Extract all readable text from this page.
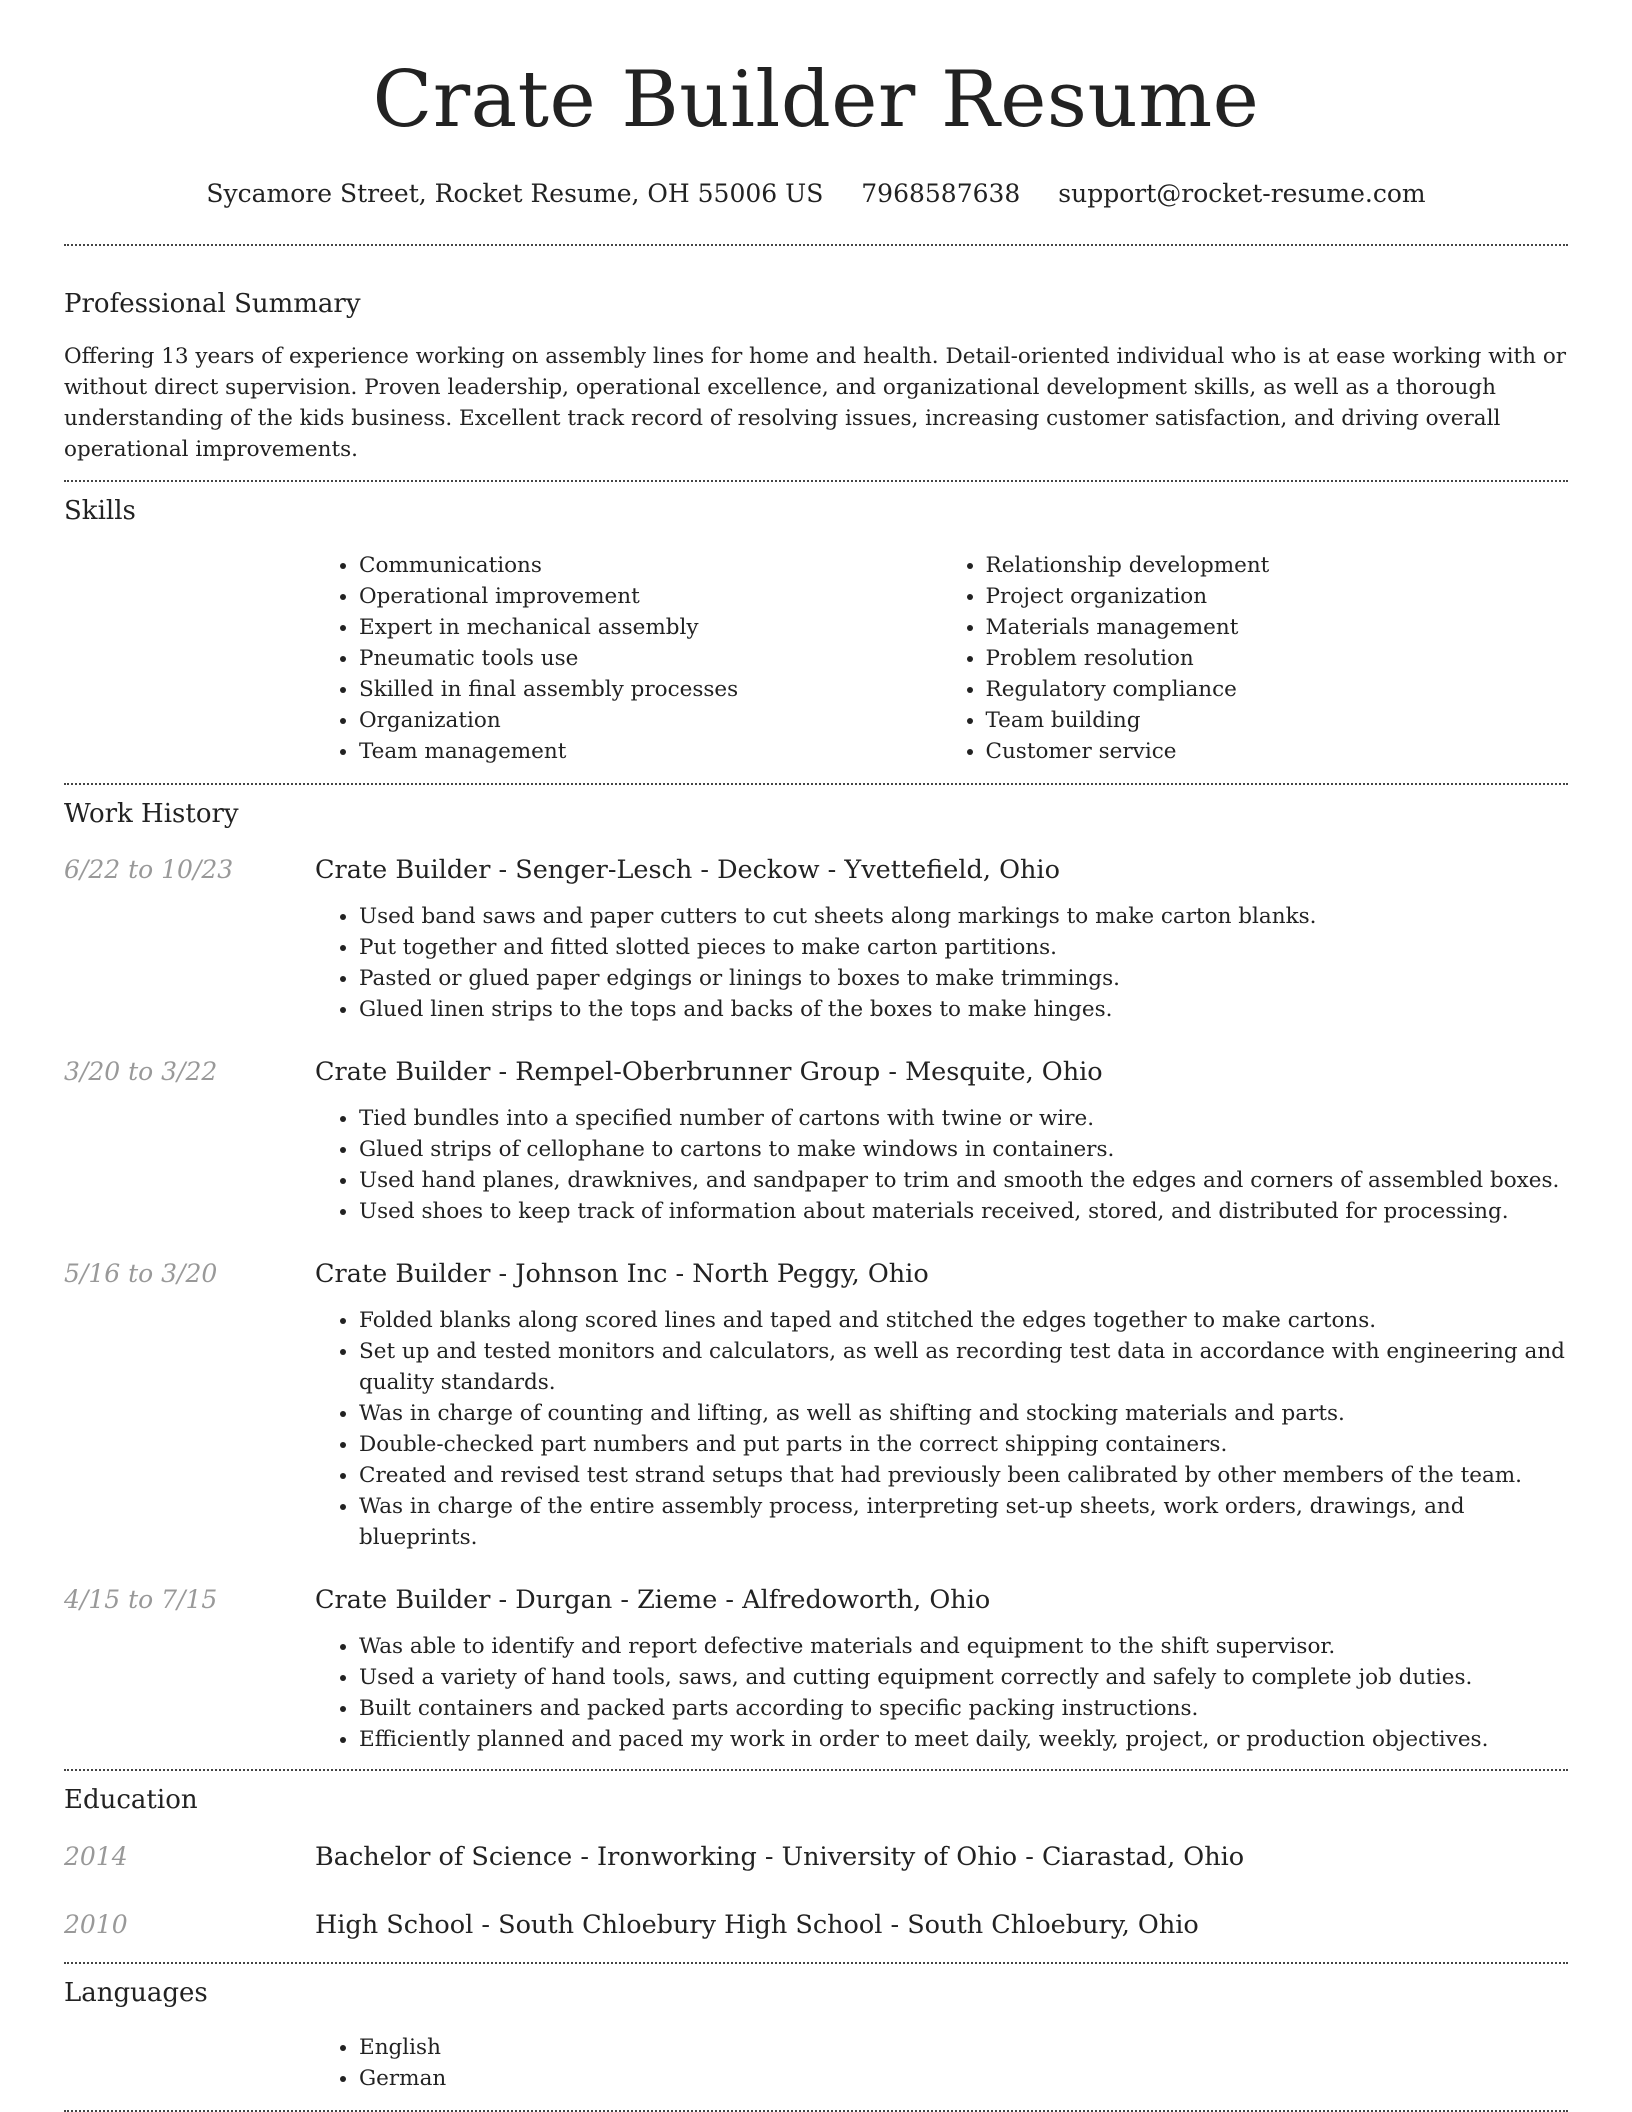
Crate Builder Resume
Sycamore Street, Rocket Resume, OH 55006 US 7968587638 support@rocket-resume.com
Professional Summary

Offering 13 years of experience working on assembly lines for home and health. Detail-oriented individual who is at ease working with or without direct supervision. Proven leadership, operational excellence, and organizational development skills, as well as a thorough understanding of the kids business. Excellent track record of resolving issues, increasing customer satisfaction, and driving overall operational improvements.

Skills
• Communications
• Operational improvement
• Expert in mechanical assembly
• Pneumatic tools use
• Skilled in final assembly processes
• Organization
• Team management
• Relationship development
• Project organization
• Materials management
• Problem resolution
• Regulatory compliance
• Team building
• Customer service
Work History
6/22 to 10/23	Crate Builder - Senger-Lesch - Deckow - Yvettefield, Ohio
• Used band saws and paper cutters to cut sheets along markings to make carton blanks.
• Put together and fitted slotted pieces to make carton partitions.
• Pasted or glued paper edgings or linings to boxes to make trimmings.
• Glued linen strips to the tops and backs of the boxes to make hinges.
3/20 to 3/22	Crate Builder - Rempel-Oberbrunner Group - Mesquite, Ohio
• Tied bundles into a specified number of cartons with twine or wire.
• Glued strips of cellophane to cartons to make windows in containers.
• Used hand planes, drawknives, and sandpaper to trim and smooth the edges and corners of assembled boxes.
• Used shoes to keep track of information about materials received, stored, and distributed for processing.
5/16 to 3/20	Crate Builder - Johnson Inc - North Peggy, Ohio
• Folded blanks along scored lines and taped and stitched the edges together to make cartons.
• Set up and tested monitors and calculators, as well as recording test data in accordance with engineering and quality standards.
• Was in charge of counting and lifting, as well as shifting and stocking materials and parts.
• Double-checked part numbers and put parts in the correct shipping containers.
• Created and revised test strand setups that had previously been calibrated by other members of the team.
• Was in charge of the entire assembly process, interpreting set-up sheets, work orders, drawings, and blueprints.
4/15 to 7/15	Crate Builder - Durgan - Zieme - Alfredoworth, Ohio
• Was able to identify and report defective materials and equipment to the shift supervisor.
• Used a variety of hand tools, saws, and cutting equipment correctly and safely to complete job duties.
• Built containers and packed parts according to specific packing instructions.
• Efficiently planned and paced my work in order to meet daily, weekly, project, or production objectives.
Education
2014	Bachelor of Science - Ironworking - University of Ohio - Ciarastad, Ohio
2010	High School - South Chloebury High School - South Chloebury, Ohio
Languages
• English
• German
